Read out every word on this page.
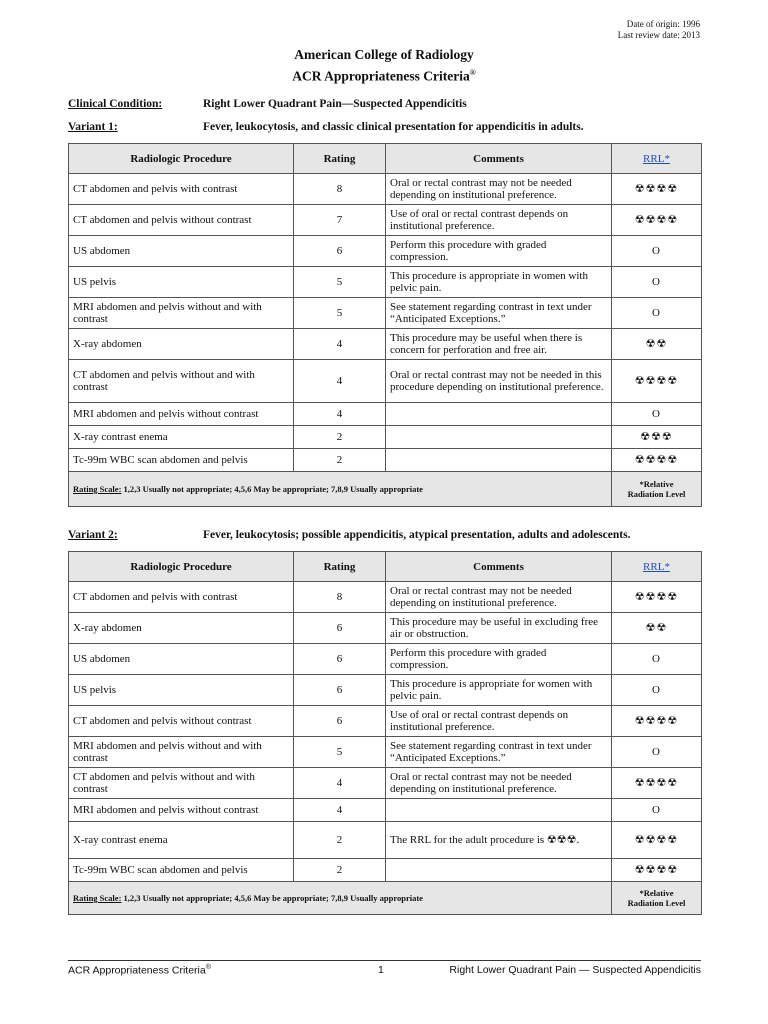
Date of origin: 1996
Last review date: 2013
American College of Radiology
ACR Appropriateness Criteria®
Clinical Condition:	Right Lower Quadrant Pain—Suspected Appendicitis
Variant 1:	Fever, leukocytosis, and classic clinical presentation for appendicitis in adults.
Radiologic Procedure	Rating	Comments	RRL*
CT abdomen and pelvis with contrast	8	Oral or rectal contrast may not be needed depending on institutional preference.	☢☢☢☢
CT abdomen and pelvis without contrast	7	Use of oral or rectal contrast depends on institutional preference.	☢☢☢☢
US abdomen	6	Perform this procedure with graded compression.	O
US pelvis	5	This procedure is appropriate in women with pelvic pain.	O
MRI abdomen and pelvis without and with contrast	5	See statement regarding contrast in text under “Anticipated Exceptions.”	O
X-ray abdomen	4	This procedure may be useful when there is concern for perforation and free air.	☢☢
CT abdomen and pelvis without and with contrast	4	Oral or rectal contrast may not be needed in this procedure depending on institutional preference.	☢☢☢☢
MRI abdomen and pelvis without contrast	4		O
X-ray contrast enema	2		☢☢☢
Tc-99m WBC scan abdomen and pelvis	2		☢☢☢☢
Rating Scale: 1,2,3 Usually not appropriate; 4,5,6 May be appropriate; 7,8,9 Usually appropriate			*Relative
Radiation Level
Variant 2:	Fever, leukocytosis; possible appendicitis, atypical presentation, adults and adolescents.
Radiologic Procedure	Rating	Comments	RRL*
CT abdomen and pelvis with contrast	8	Oral or rectal contrast may not be needed depending on institutional preference.	☢☢☢☢
X-ray abdomen	6	This procedure may be useful in excluding free air or obstruction.	☢☢
US abdomen	6	Perform this procedure with graded compression.	O
US pelvis	6	This procedure is appropriate for women with pelvic pain.	O
CT abdomen and pelvis without contrast	6	Use of oral or rectal contrast depends on institutional preference.	☢☢☢☢
MRI abdomen and pelvis without and with contrast	5	See statement regarding contrast in text under “Anticipated Exceptions.”	O
CT abdomen and pelvis without and with contrast	4	Oral or rectal contrast may not be needed depending on institutional preference.	☢☢☢☢
MRI abdomen and pelvis without contrast	4		O
X-ray contrast enema	2	The RRL for the adult procedure is ☢☢☢.	☢☢☢☢
Tc-99m WBC scan abdomen and pelvis	2		☢☢☢☢
Rating Scale: 1,2,3 Usually not appropriate; 4,5,6 May be appropriate; 7,8,9 Usually appropriate			*Relative
Radiation Level
ACR Appropriateness Criteria®	1	Right Lower Quadrant Pain — Suspected Appendicitis
